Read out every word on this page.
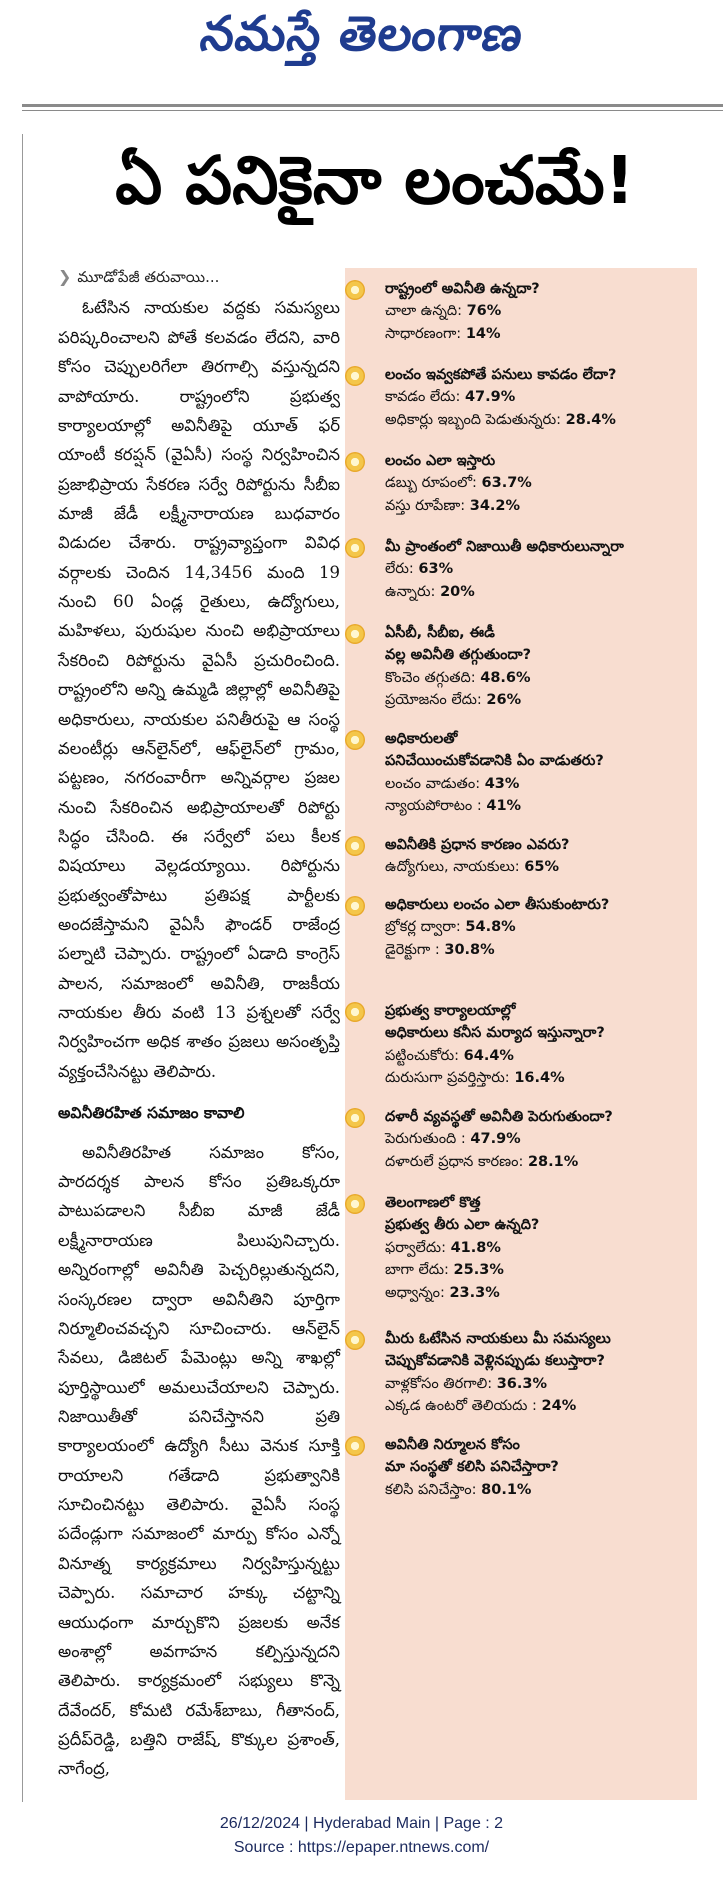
నమస్తే తెలంగాణ
ఏ పనికైనా లంచమే!
❯ మూడోపేజీ తరువాయి...

ఓటేసిన నాయకుల వద్దకు సమస్యలు పరిష్కరించాలని పోతే కలవడం లేదని, వారి కోసం చెప్పులరిగేలా తిరగాల్సి వస్తున్నదని వాపోయారు. రాష్ట్రంలోని ప్రభుత్వ కార్యాలయాల్లో అవినీతిపై యూత్ ఫర్ యాంటీ కరప్షన్ (వైఏసీ) సంస్థ నిర్వహించిన ప్రజాభిప్రాయ సేకరణ సర్వే రిపోర్టును సీబీఐ మాజీ జేడీ లక్ష్మీనారాయణ బుధవారం విడుదల చేశారు. రాష్ట్రవ్యాప్తంగా వివిధ వర్గాలకు చెందిన 14,3456 మంది 19 నుంచి 60 ఏండ్ల రైతులు, ఉద్యోగులు, మహిళలు, పురుషుల నుంచి అభిప్రాయాలు సేకరించి రిపోర్టును వైఏసీ ప్రచురించింది. రాష్ట్రంలోని అన్ని ఉమ్మడి జిల్లాల్లో అవినీతిపై అధికారులు, నాయకుల పనితీరుపై ఆ సంస్థ వలంటీర్లు ఆన్‌లైన్‌లో, ఆఫ్‌లైన్‌లో గ్రామం, పట్టణం, నగరంవారీగా అన్నివర్గాల ప్రజల నుంచి సేకరించిన అభిప్రాయాలతో రిపోర్టు సిద్ధం చేసింది. ఈ సర్వేలో పలు కీలక విషయాలు వెల్లడయ్యాయి. రిపోర్టును ప్రభుత్వంతోపాటు ప్రతిపక్ష పార్టీలకు అందజేస్తామని వైఏసీ ఫౌండర్ రాజేంద్ర పల్నాటి చెప్పారు. రాష్ట్రంలో ఏడాది కాంగ్రెస్ పాలన, సమాజంలో అవినీతి, రాజకీయ నాయకుల తీరు వంటి 13 ప్రశ్నలతో సర్వే నిర్వహించగా అధిక శాతం ప్రజలు అసంతృప్తి వ్యక్తంచేసినట్టు తెలిపారు.

అవినీతిరహిత సమాజం కావాలి

అవినీతిరహిత సమాజం కోసం, పారదర్శక పాలన కోసం ప్రతిఒక్కరూ పాటుపడాలని సీబీఐ మాజీ జేడీ లక్ష్మీనారాయణ పిలుపునిచ్చారు. అన్నిరంగాల్లో అవినీతి పెచ్చరిల్లుతున్నదని, సంస్కరణల ద్వారా అవినీతిని పూర్తిగా నిర్మూలించవచ్చని సూచించారు. ఆన్‌లైన్ సేవలు, డిజిటల్ పేమెంట్లు అన్ని శాఖల్లో పూర్తిస్థాయిలో అమలుచేయాలని చెప్పారు. నిజాయితీతో పనిచేస్తానని ప్రతి కార్యాలయంలో ఉద్యోగి సీటు వెనుక సూక్తి రాయాలని గతేడాది ప్రభుత్వానికి సూచించినట్టు తెలిపారు. వైఏసీ సంస్థ పదేండ్లుగా సమాజంలో మార్పు కోసం ఎన్నో వినూత్న కార్యక్రమాలు నిర్వహిస్తున్నట్టు చెప్పారు. సమాచార హక్కు చట్టాన్ని ఆయుధంగా మార్చుకొని ప్రజలకు అనేక అంశాల్లో అవగాహన కల్పిస్తున్నదని తెలిపారు. కార్యక్రమంలో సభ్యులు కొన్నె దేవేందర్, కోమటి రమేశ్‌బాబు, గీతానంద్, ప్రదీప్‌రెడ్డి, బత్తిని రాజేష్, కొక్కుల ప్రశాంత్, నాగేంద్ర,

రాష్ట్రంలో అవినీతి ఉన్నదా?
చాలా ఉన్నది: 76%
సాధారణంగా: 14%
లంచం ఇవ్వకపోతే పనులు కావడం లేదా?
కావడం లేదు: 47.9%
అధికార్లు ఇబ్బంది పెడుతున్నరు: 28.4%
లంచం ఎలా ఇస్తారు
డబ్బు రూపంలో: 63.7%
వస్తు రూపేణా: 34.2%
మీ ప్రాంతంలో నిజాయితీ అధికారులున్నారా
లేరు: 63%
ఉన్నారు: 20%
ఏసీబీ, సీబీఐ, ఈడీ
వల్ల అవినీతి తగ్గుతుందా?
కొంచెం తగ్గుతది: 48.6%
ప్రయోజనం లేదు: 26%
అధికారులతో
పనిచేయించుకోవడానికి ఏం వాడుతరు?
లంచం వాడుతం: 43%
న్యాయపోరాటం : 41%
అవినీతికి ప్రధాన కారణం ఎవరు?
ఉద్యోగులు, నాయకులు: 65%
అధికారులు లంచం ఎలా తీసుకుంటారు?
బ్రోకర్ల ద్వారా: 54.8%
డైరెక్టుగా : 30.8%
ప్రభుత్వ కార్యాలయాల్లో
అధికారులు కనీస మర్యాద ఇస్తున్నారా?
పట్టించుకోరు: 64.4%
దురుసుగా ప్రవర్తిస్తారు: 16.4%
దళారీ వ్యవస్థతో అవినీతి పెరుగుతుందా?
పెరుగుతుంది : 47.9%
దళారులే ప్రధాన కారణం: 28.1%
తెలంగాణలో కొత్త
ప్రభుత్వ తీరు ఎలా ఉన్నది?
ఫర్వాలేదు: 41.8%
బాగా లేదు: 25.3%
అధ్వాన్నం: 23.3%
మీరు ఓటేసిన నాయకులు మీ సమస్యలు
చెప్పుకోవడానికి వెళ్లినప్పుడు కలుస్తారా?
వాళ్లకోసం తిరగాలి: 36.3%
ఎక్కడ ఉంటరో తెలియదు : 24%
అవినీతి నిర్మూలన కోసం
మా సంస్థతో కలిసి పనిచేస్తారా?
కలిసి పనిచేస్తాం: 80.1%
26/12/2024 | Hyderabad Main | Page : 2
Source : https://epaper.ntnews.com/
